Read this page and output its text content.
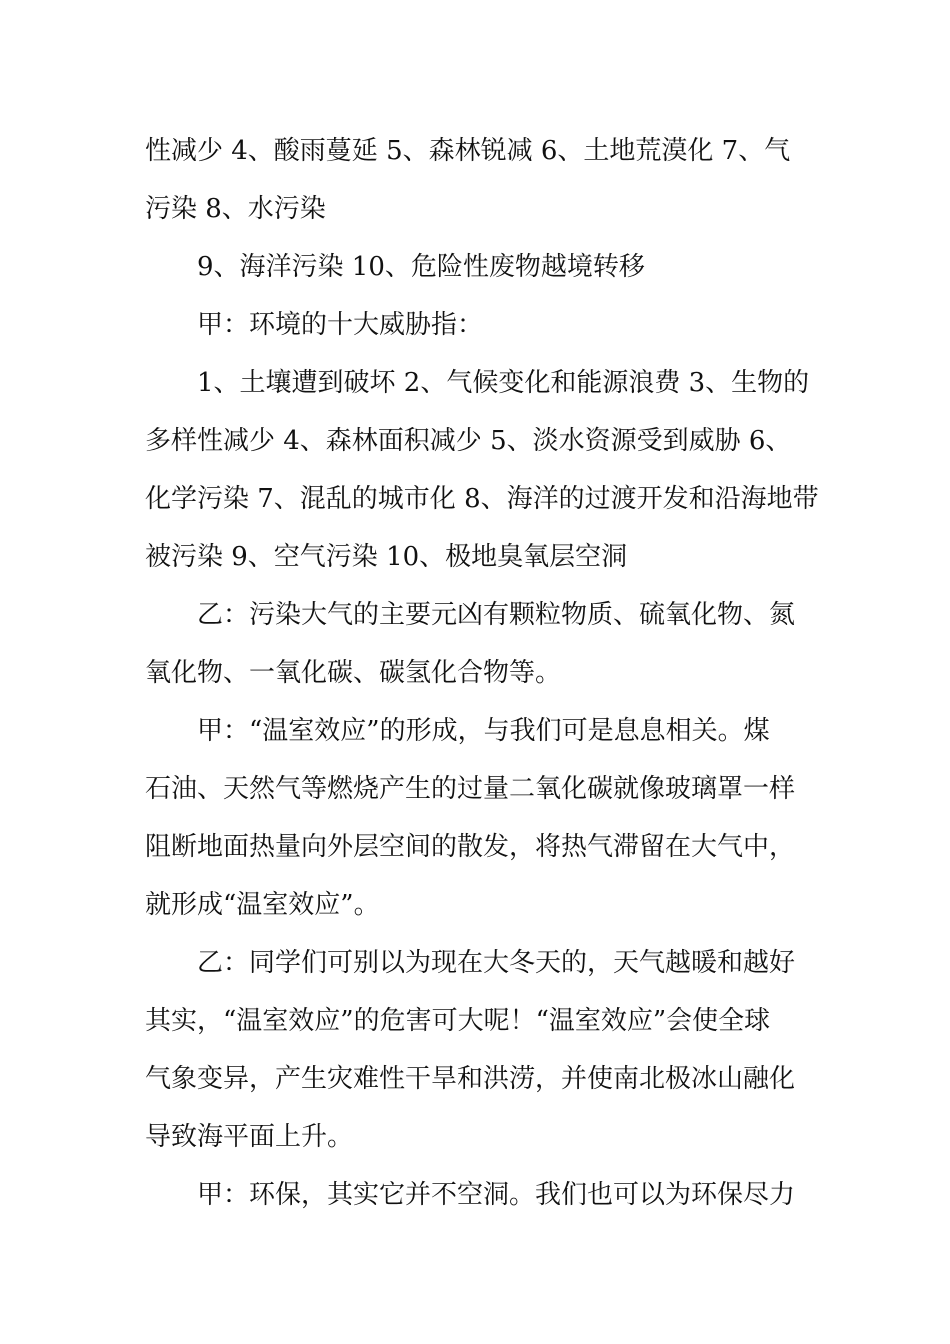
性减少 4、酸雨蔓延 5、森林锐减 6、土地荒漠化 7、气
污染 8、水污染
9、海洋污染 10、危险性废物越境转移
甲：环境的十大威胁指：
1、土壤遭到破坏 2、气候变化和能源浪费 3、生物的
多样性减少 4、森林面积减少 5、淡水资源受到威胁 6、
化学污染 7、混乱的城市化 8、海洋的过渡开发和沿海地带
被污染 9、空气污染 10、极地臭氧层空洞
乙：污染大气的主要元凶有颗粒物质、硫氧化物、氮
氧化物、一氧化碳、碳氢化合物等。
甲：“温室效应”的形成，与我们可是息息相关。煤
石油、天然气等燃烧产生的过量二氧化碳就像玻璃罩一样
阻断地面热量向外层空间的散发，将热气滞留在大气中，
就形成“温室效应”。
乙：同学们可别以为现在大冬天的，天气越暖和越好
其实，“温室效应”的危害可大呢！“温室效应”会使全球
气象变异，产生灾难性干旱和洪涝，并使南北极冰山融化
导致海平面上升。
甲：环保，其实它并不空洞。我们也可以为环保尽力
